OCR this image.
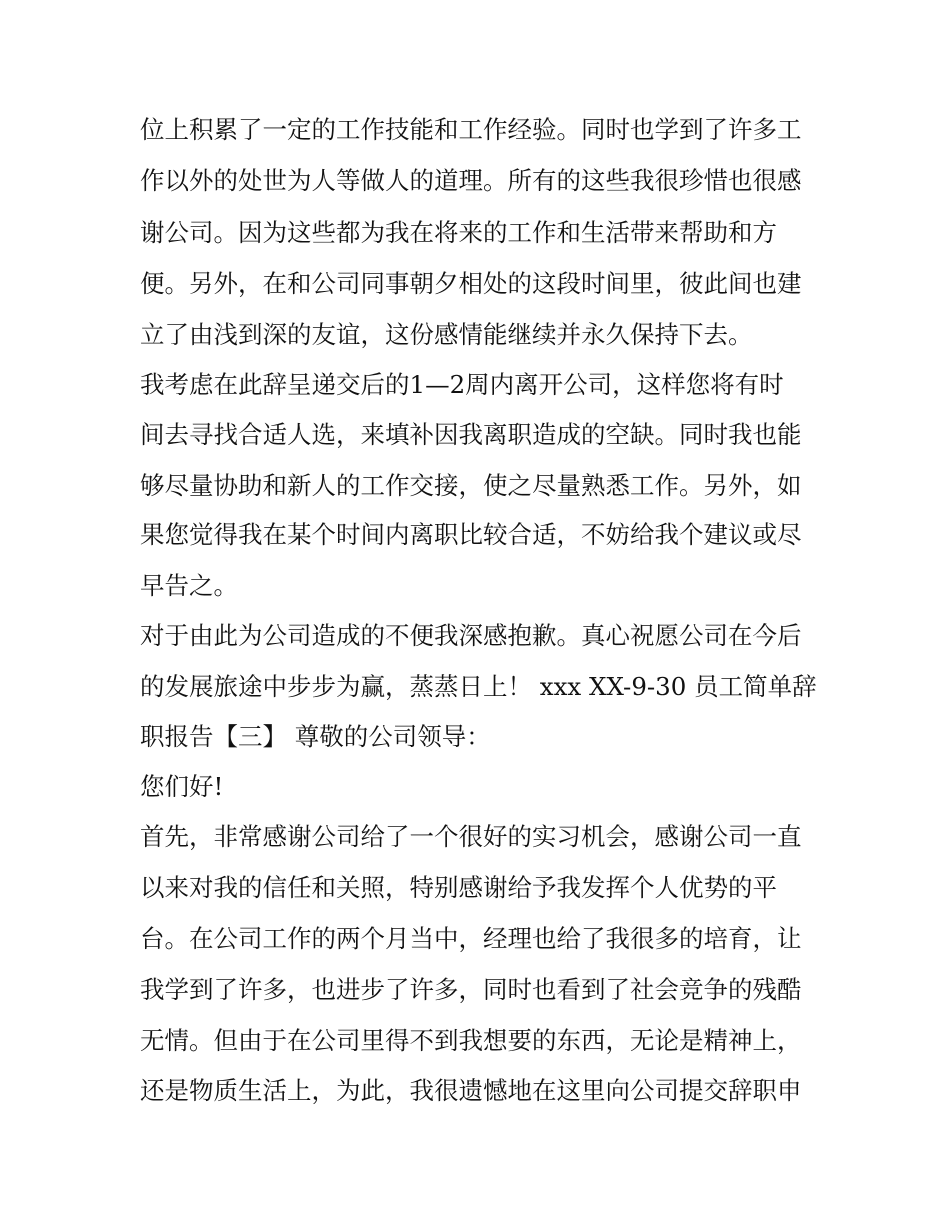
位上积累了一定的工作技能和工作经验。同时也学到了许多工
作以外的处世为人等做人的道理。所有的这些我很珍惜也很感
谢公司。因为这些都为我在将来的工作和生活带来帮助和方
便。另外，在和公司同事朝夕相处的这段时间里，彼此间也建
立了由浅到深的友谊，这份感情能继续并永久保持下去。
我考虑在此辞呈递交后的1—2周内离开公司，这样您将有时
间去寻找合适人选，来填补因我离职造成的空缺。同时我也能
够尽量协助和新人的工作交接，使之尽量熟悉工作。另外，如
果您觉得我在某个时间内离职比较合适，不妨给我个建议或尽
早告之。
对于由此为公司造成的不便我深感抱歉。真心祝愿公司在今后
的发展旅途中步步为赢，蒸蒸日上！ xxx XX-9-30 员工简单辞
职报告【三】 尊敬的公司领导：
您们好!
首先，非常感谢公司给了一个很好的实习机会，感谢公司一直
以来对我的信任和关照，特别感谢给予我发挥个人优势的平
台。在公司工作的两个月当中，经理也给了我很多的培育，让
我学到了许多，也进步了许多，同时也看到了社会竞争的残酷
无情。但由于在公司里得不到我想要的东西，无论是精神上，
还是物质生活上，为此，我很遗憾地在这里向公司提交辞职申
